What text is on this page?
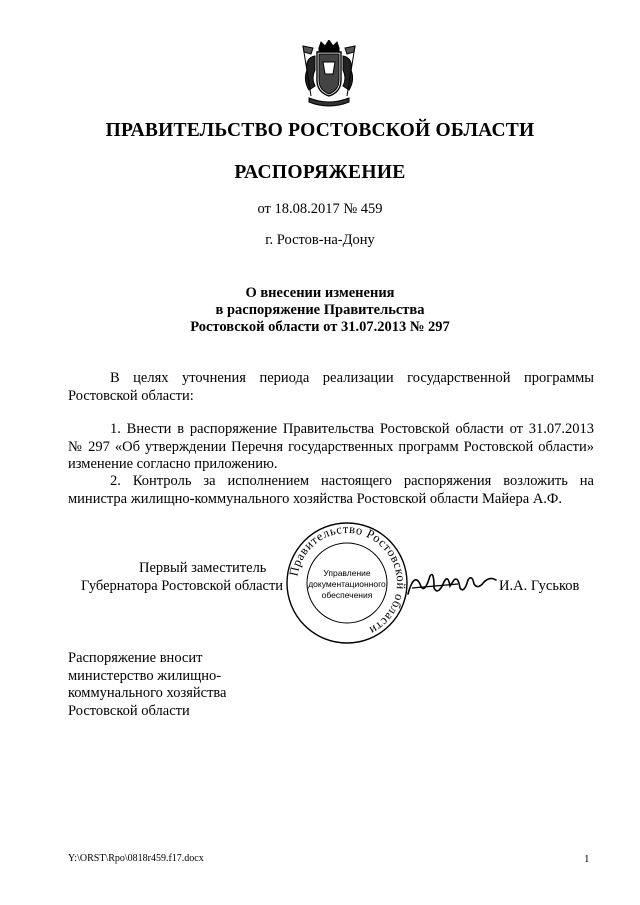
ПРАВИТЕЛЬСТВО РОСТОВСКОЙ ОБЛАСТИ
РАСПОРЯЖЕНИЕ
от 18.08.2017 № 459
г. Ростов-на-Дону
О внесении изменения
в распоряжение Правительства
Ростовской области от 31.07.2013 № 297
В целях уточнения периода реализации государственной программы Ростовской области:
1. Внести в распоряжение Правительства Ростовской области от 31.07.2013 № 297 «Об утверждении Перечня государственных программ Ростовской области» изменение согласно приложению.
2. Контроль за исполнением настоящего распоряжения возложить на министра жилищно-коммунального хозяйства Ростовской области Майера А.Ф.
Первый заместитель
Губернатора Ростовской области
Правительство Ростовской области
Управление
документационного
обеспечения
И.А. Гуськов
Распоряжение вносит
министерство жилищно-
коммунального хозяйства
Ростовской области
Y:\ORST\Rpo\0818r459.f17.docx	1
